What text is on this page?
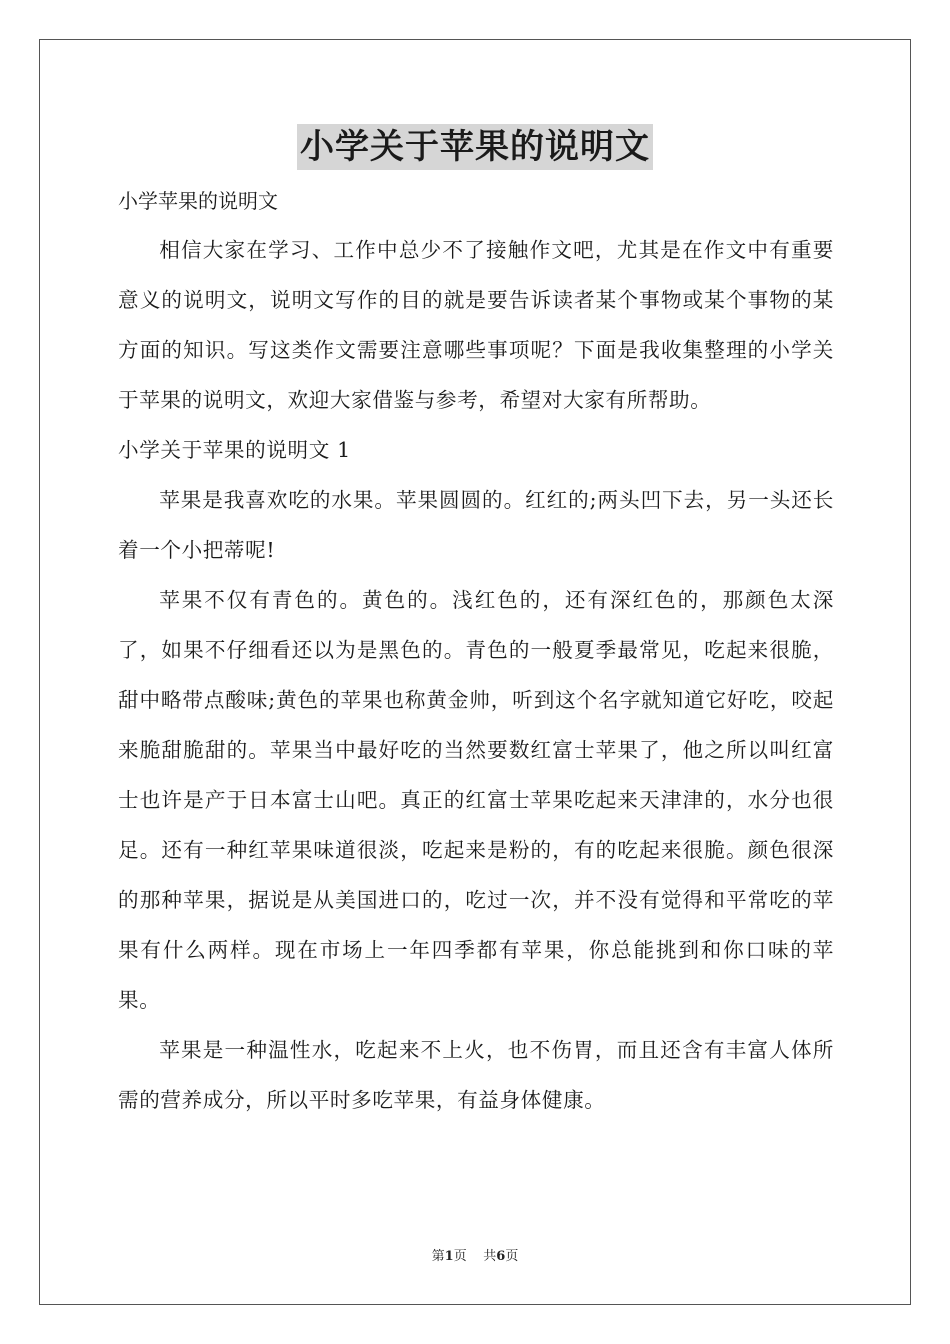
小学关于苹果的说明文

小学苹果的说明文

相信大家在学习、工作中总少不了接触作文吧，尤其是在作文中有重要意义的说明文，说明文写作的目的就是要告诉读者某个事物或某个事物的某方面的知识。写这类作文需要注意哪些事项呢？下面是我收集整理的小学关于苹果的说明文，欢迎大家借鉴与参考，希望对大家有所帮助。

小学关于苹果的说明文 1

苹果是我喜欢吃的水果。苹果圆圆的。红红的;两头凹下去，另一头还长着一个小把蒂呢!

苹果不仅有青色的。黄色的。浅红色的，还有深红色的，那颜色太深了，如果不仔细看还以为是黑色的。青色的一般夏季最常见，吃起来很脆，甜中略带点酸味;黄色的苹果也称黄金帅，听到这个名字就知道它好吃，咬起来脆甜脆甜的。苹果当中最好吃的当然要数红富士苹果了，他之所以叫红富士也许是产于日本富士山吧。真正的红富士苹果吃起来天津津的，水分也很足。还有一种红苹果味道很淡，吃起来是粉的，有的吃起来很脆。颜色很深的那种苹果，据说是从美国进口的，吃过一次，并不没有觉得和平常吃的苹果有什么两样。现在市场上一年四季都有苹果，你总能挑到和你口味的苹果。

苹果是一种温性水，吃起来不上火，也不伤胃，而且还含有丰富人体所需的营养成分，所以平时多吃苹果，有益身体健康。

第1页 共6页
